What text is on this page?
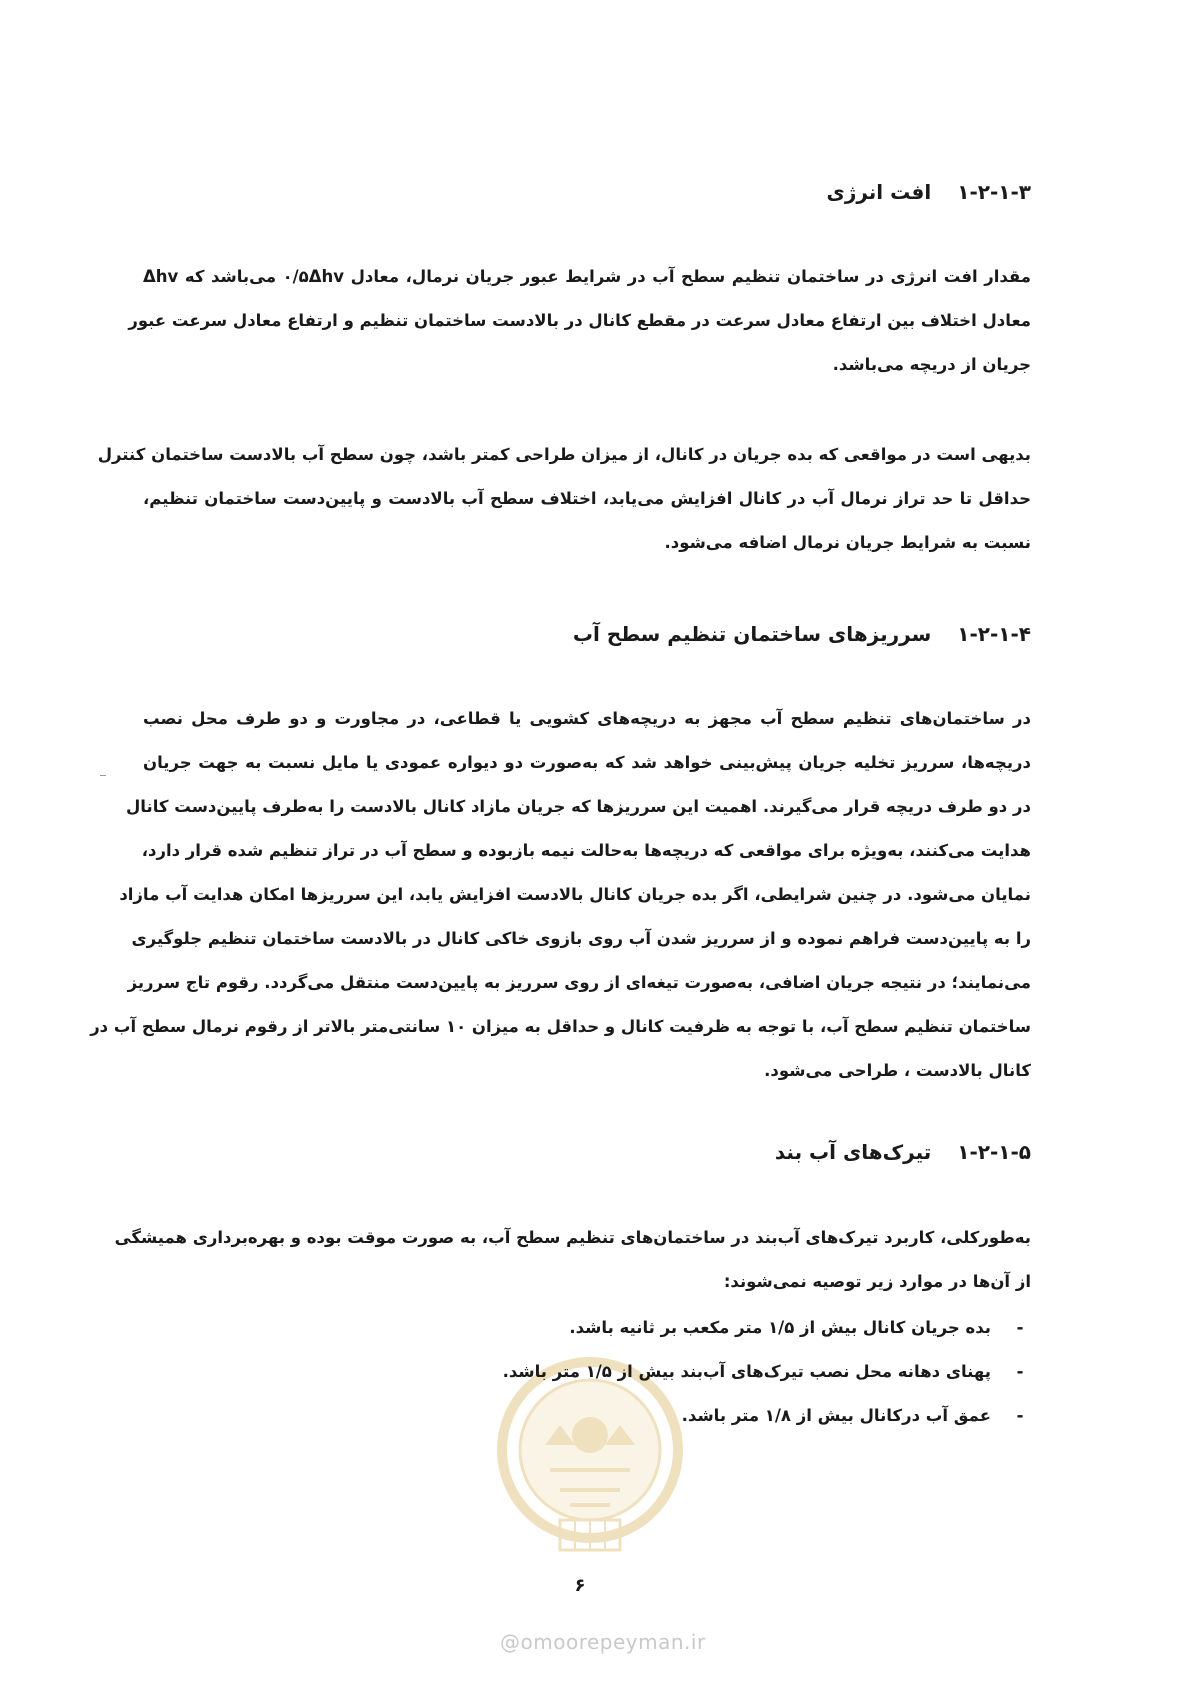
۱-۲-۱-۳افت انرژی
مقدار افت انرژی در ساختمان تنظیم سطح آب در شرایط عبور جریان نرمال، معادل ۰/۵Δhv می‌باشد که Δhv
معادل اختلاف بین ارتفاع معادل سرعت در مقطع کانال در بالادست ساختمان تنظیم و ارتفاع معادل سرعت عبور
جریان از دریچه می‌باشد.
بدیهی است در مواقعی که بده جریان در کانال، از میزان طراحی کمتر باشد، چون سطح آب بالادست ساختمان کنترل
حداقل تا حد تراز نرمال آب در کانال افزایش می‌یابد، اختلاف سطح آب بالادست و پایین‌دست ساختمان تنظیم،
نسبت به شرایط جریان نرمال اضافه می‌شود.
۱-۲-۱-۴سرریزهای ساختمان تنظیم سطح آب
در ساختمان‌های تنظیم سطح آب مجهز به دریچه‌های کشویی یا قطاعی، در مجاورت و دو طرف محل نصب
دریچه‌ها، سرریز تخلیه جریان پیش‌بینی خواهد شد که به‌صورت دو دیواره عمودی یا مایل نسبت به جهت جریان
در دو طرف دریچه قرار می‌گیرند. اهمیت این سرریزها که جریان مازاد کانال بالادست را به‌طرف پایین‌دست کانال
هدایت می‌کنند، به‌ویژه برای مواقعی که دریچه‌ها به‌حالت نیمه بازبوده و سطح آب در تراز تنظیم شده قرار دارد،
نمایان می‌شود. در چنین شرایطی، اگر بده جریان کانال بالادست افزایش یابد، این سرریزها امکان هدایت آب مازاد
را به پایین‌دست فراهم نموده و از سرریز شدن آب روی بازوی خاکی کانال در بالادست ساختمان تنظیم جلوگیری
می‌نمایند؛ در نتیجه جریان اضافی، به‌صورت تیغه‌ای از روی سرریز به پایین‌دست منتقل می‌گردد. رقوم تاج سرریز
ساختمان تنظیم سطح آب، با توجه به ظرفیت کانال و حداقل به میزان ۱۰ سانتی‌متر بالاتر از رقوم نرمال سطح آب در
کانال بالادست ، طراحی می‌شود.
۱-۲-۱-۵تیرک‌های آب بند
به‌طورکلی، کاربرد تیرک‌های آب‌بند در ساختمان‌های تنظیم سطح آب، به صورت موقت بوده و بهره‌برداری همیشگی
از آن‌ها در موارد زیر توصیه نمی‌شوند:
-بده جریان کانال بیش از ۱/۵ متر مکعب بر ثانیه باشد.
-پهنای دهانه محل نصب تیرک‌های آب‌بند بیش از ۱/۵ متر باشد.
-عمق آب درکانال بیش از ۱/۸ متر باشد.
۶
@omoorepeyman.ir
